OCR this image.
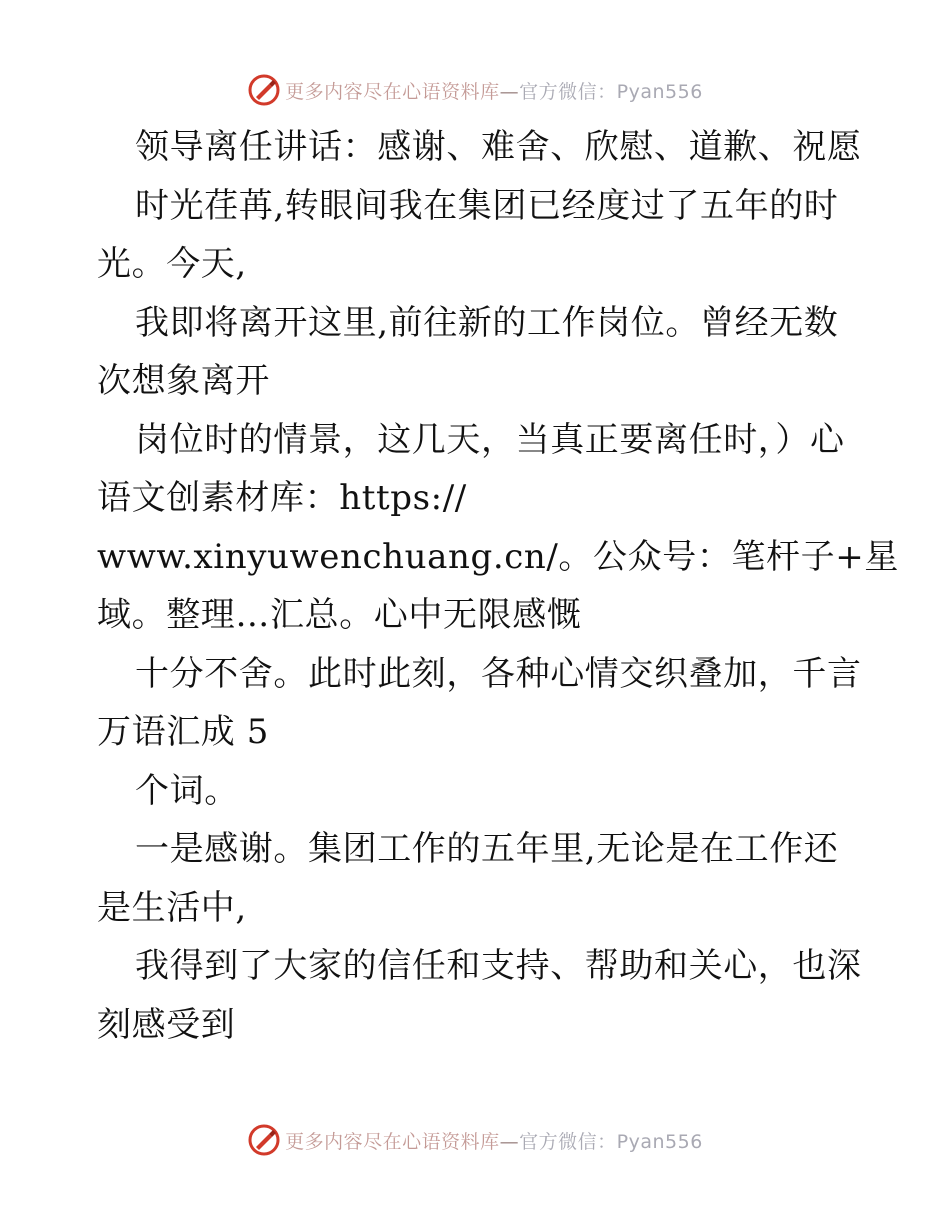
更多内容尽在心语资料库—官方微信：Pyan556
领导离任讲话：感谢、难舍、欣慰、道歉、祝愿
时光荏苒,转眼间我在集团已经度过了五年的时
光。今天,
我即将离开这里,前往新的工作岗位。曾经无数
次想象离开
岗位时的情景，这几天，当真正要离任时，）心
语文创素材库：https://
www.xinyuwenchuang.cn/。公众号：笔杆子+星
域。整理…汇总。心中无限感慨
十分不舍。此时此刻，各种心情交织叠加，千言
万语汇成 5
个词。
一是感谢。集团工作的五年里,无论是在工作还
是生活中,
我得到了大家的信任和支持、帮助和关心，也深
刻感受到
更多内容尽在心语资料库—官方微信：Pyan556
